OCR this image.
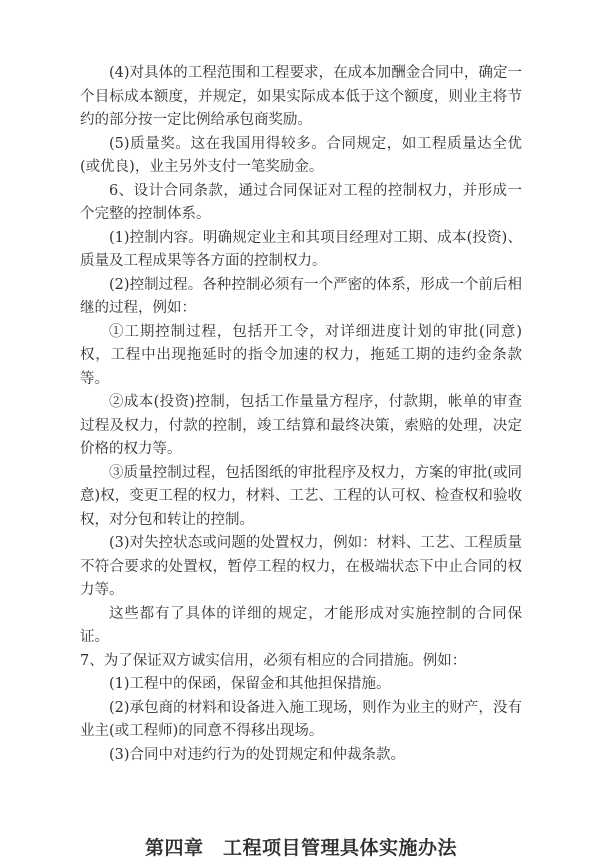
(4)对具体的工程范围和工程要求，在成本加酬金合同中，确定一个目标成本额度，并规定，如果实际成本低于这个额度，则业主将节约的部分按一定比例给承包商奖励。

(5)质量奖。这在我国用得较多。合同规定，如工程质量达全优(或优良)，业主另外支付一笔奖励金。

6、设计合同条款，通过合同保证对工程的控制权力，并形成一个完整的控制体系。

(1)控制内容。明确规定业主和其项目经理对工期、成本(投资)、质量及工程成果等各方面的控制权力。

(2)控制过程。各种控制必须有一个严密的体系，形成一个前后相继的过程，例如：

①工期控制过程，包括开工令，对详细进度计划的审批(同意)权，工程中出现拖延时的指令加速的权力，拖延工期的违约金条款等。

②成本(投资)控制，包括工作量量方程序，付款期，帐单的审查过程及权力，付款的控制，竣工结算和最终决策，索赔的处理，决定价格的权力等。

③质量控制过程，包括图纸的审批程序及权力，方案的审批(或同意)权，变更工程的权力，材料、工艺、工程的认可权、检查权和验收权，对分包和转让的控制。

(3)对失控状态或问题的处置权力，例如：材料、工艺、工程质量不符合要求的处置权，暂停工程的权力，在极端状态下中止合同的权力等。

这些都有了具体的详细的规定，才能形成对实施控制的合同保证。

7、为了保证双方诚实信用，必须有相应的合同措施。例如：

(1)工程中的保函，保留金和其他担保措施。

(2)承包商的材料和设备进入施工现场，则作为业主的财产，没有业主(或工程师)的同意不得移出现场。

(3)合同中对违约行为的处罚规定和仲裁条款。

第四章　工程项目管理具体实施办法
